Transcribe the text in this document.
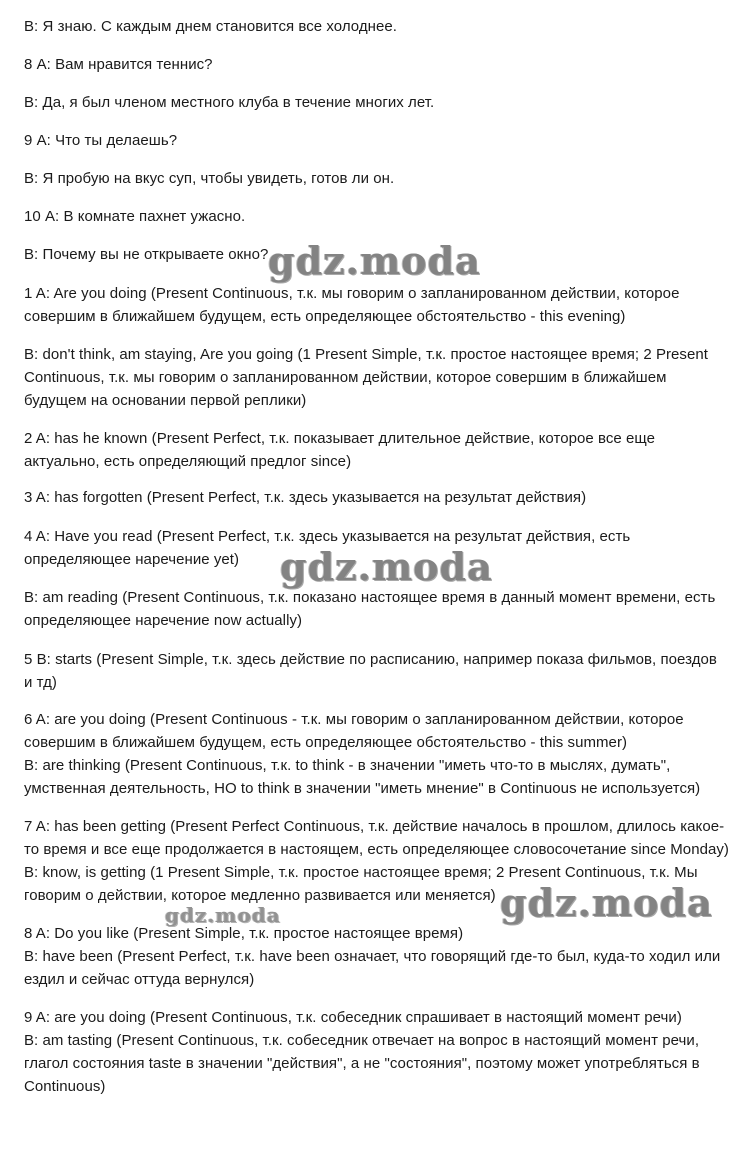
В: Я знаю. С каждым днем становится все холоднее.
8 А: Вам нравится теннис?
В: Да, я был членом местного клуба в течение многих лет.
9 А: Что ты делаешь?
В: Я пробую на вкус суп, чтобы увидеть, готов ли он.
10 А: В комнате пахнет ужасно.
В: Почему вы не открываете окно?
1 A: Are you doing (Present Continuous, т.к. мы говорим о запланированном действии, которое
совершим в ближайшем будущем, есть определяющее обстоятельство - this evening)
B: don't think, am staying, Are you going (1 Present Simple, т.к. простое настоящее время; 2 Present
Continuous, т.к. мы говорим о запланированном действии, которое совершим в ближайшем
будущем на основании первой реплики)
2 A: has he known (Present Perfect, т.к. показывает длительное действие, которое все еще
актуально, есть определяющий предлог since)
3 A: has forgotten (Present Perfect, т.к. здесь указывается на результат действия)
4 A: Have you read (Present Perfect, т.к. здесь указывается на результат действия, есть
определяющее наречение yet)
B: am reading (Present Continuous, т.к. показано настоящее время в данный момент времени, есть
определяющее наречение now actually)
5 B: starts (Present Simple, т.к. здесь действие по расписанию, например показа фильмов, поездов
и тд)
6 A: are you doing (Present Continuous - т.к. мы говорим о запланированном действии, которое
совершим в ближайшем будущем, есть определяющее обстоятельство - this summer)
B: are thinking (Present Continuous, т.к. to think - в значении "иметь что-то в мыслях, думать",
умственная деятельность, НО to think в значении "иметь мнение" в Continuous не используется)
7 A: has been getting (Present Perfect Continuous, т.к. действие началось в прошлом, длилось какое-
то время и все еще продолжается в настоящем, есть определяющее словосочетание since Monday)
B: know, is getting (1 Present Simple, т.к. простое настоящее время; 2 Present Continuous, т.к. Мы
говорим о действии, которое медленно развивается или меняется)
8 A: Do you like (Present Simple, т.к. простое настоящее время)
B: have been (Present Perfect, т.к. have been означает, что говорящий где-то был, куда-то ходил или
ездил и сейчас оттуда вернулся)
9 A: are you doing (Present Continuous, т.к. собеседник спрашивает в настоящий момент речи)
B: am tasting (Present Continuous, т.к. собеседник отвечает на вопрос в настоящий момент речи,
глагол состояния taste в значении "действия", а не "состояния", поэтому может употребляться в
Continuous)
gdz.moda
gdz.moda
gdz.moda
gdz.moda
